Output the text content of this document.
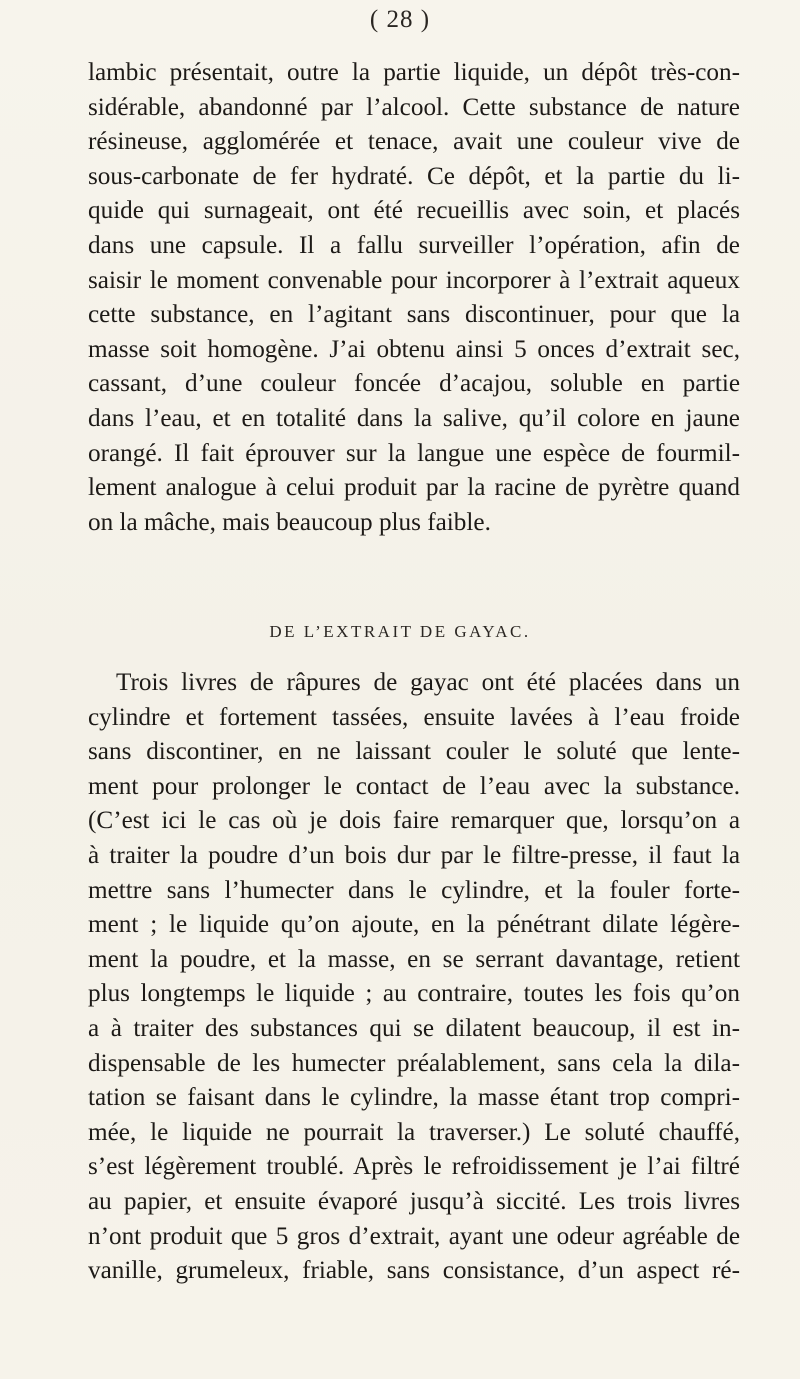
( 28 )
lambic présentait, outre la partie liquide, un dépôt très-con-
sidérable, abandonné par l’alcool. Cette substance de nature
résineuse, agglomérée et tenace, avait une couleur vive de
sous-carbonate de fer hydraté. Ce dépôt, et la partie du li-
quide qui surnageait, ont été recueillis avec soin, et placés
dans une capsule. Il a fallu surveiller l’opération, afin de
saisir le moment convenable pour incorporer à l’extrait aqueux
cette substance, en l’agitant sans discontinuer, pour que la
masse soit homogène. J’ai obtenu ainsi 5 onces d’extrait sec,
cassant, d’une couleur foncée d’acajou, soluble en partie
dans l’eau, et en totalité dans la salive, qu’il colore en jaune
orangé. Il fait éprouver sur la langue une espèce de fourmil-
lement analogue à celui produit par la racine de pyrètre quand
on la mâche, mais beaucoup plus faible.
DE L’EXTRAIT DE GAYAC.
Trois livres de râpures de gayac ont été placées dans un
cylindre et fortement tassées, ensuite lavées à l’eau froide
sans discontiner, en ne laissant couler le soluté que lente-
ment pour prolonger le contact de l’eau avec la substance.
(C’est ici le cas où je dois faire remarquer que, lorsqu’on a
à traiter la poudre d’un bois dur par le filtre-presse, il faut la
mettre sans l’humecter dans le cylindre, et la fouler forte-
ment ; le liquide qu’on ajoute, en la pénétrant dilate légère-
ment la poudre, et la masse, en se serrant davantage, retient
plus longtemps le liquide ; au contraire, toutes les fois qu’on
a à traiter des substances qui se dilatent beaucoup, il est in-
dispensable de les humecter préalablement, sans cela la dila-
tation se faisant dans le cylindre, la masse étant trop compri-
mée, le liquide ne pourrait la traverser.) Le soluté chauffé,
s’est légèrement troublé. Après le refroidissement je l’ai filtré
au papier, et ensuite évaporé jusqu’à siccité. Les trois livres
n’ont produit que 5 gros d’extrait, ayant une odeur agréable de
vanille, grumeleux, friable, sans consistance, d’un aspect ré-
